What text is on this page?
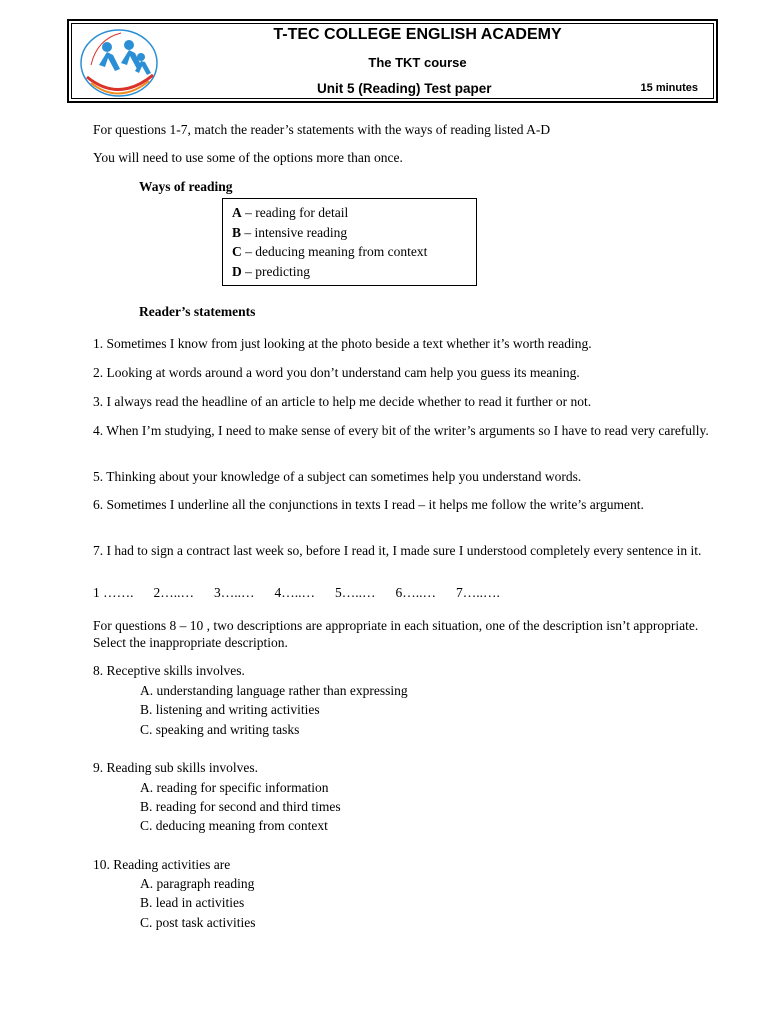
T-TEC COLLEGE ENGLISH ACADEMY
The TKT course
Unit 5 (Reading) Test paper	15 minutes
For questions 1-7, match the reader’s statements with the ways of reading listed A-D
You will need to use some of the options more than once.
Ways of reading
A – reading for detail
B – intensive reading
C – deducing meaning from context
D – predicting
Reader’s statements
1. Sometimes I know from just looking at the photo beside a text whether it’s worth reading.
2. Looking at words around a word you don’t understand cam help you guess its meaning.
3. I always read the headline of an article to help me decide whether to read it further or not.
4. When I’m studying, I need to make sense of every bit of the writer’s arguments so I have to read very carefully.
5. Thinking about your knowledge of a subject can sometimes help you understand words.
6. Sometimes I underline all the conjunctions in texts I read – it helps me follow the write’s argument.
7. I had to sign a contract last week so, before I read it, I made sure I understood completely every sentence in it.
1 ……. 2…..… 3…..… 4…..… 5…..… 6…..… 7…..….
For questions 8 – 10 , two descriptions are appropriate in each situation, one of the description isn’t appropriate. Select the inappropriate description.
8. Receptive skills involves.
A. understanding language rather than expressing
B. listening and writing activities
C. speaking and writing tasks
9. Reading sub skills involves.
A. reading for specific information
B. reading for second and third times
C. deducing meaning from context
10. Reading activities are
A. paragraph reading
B. lead in activities
C. post task activities
